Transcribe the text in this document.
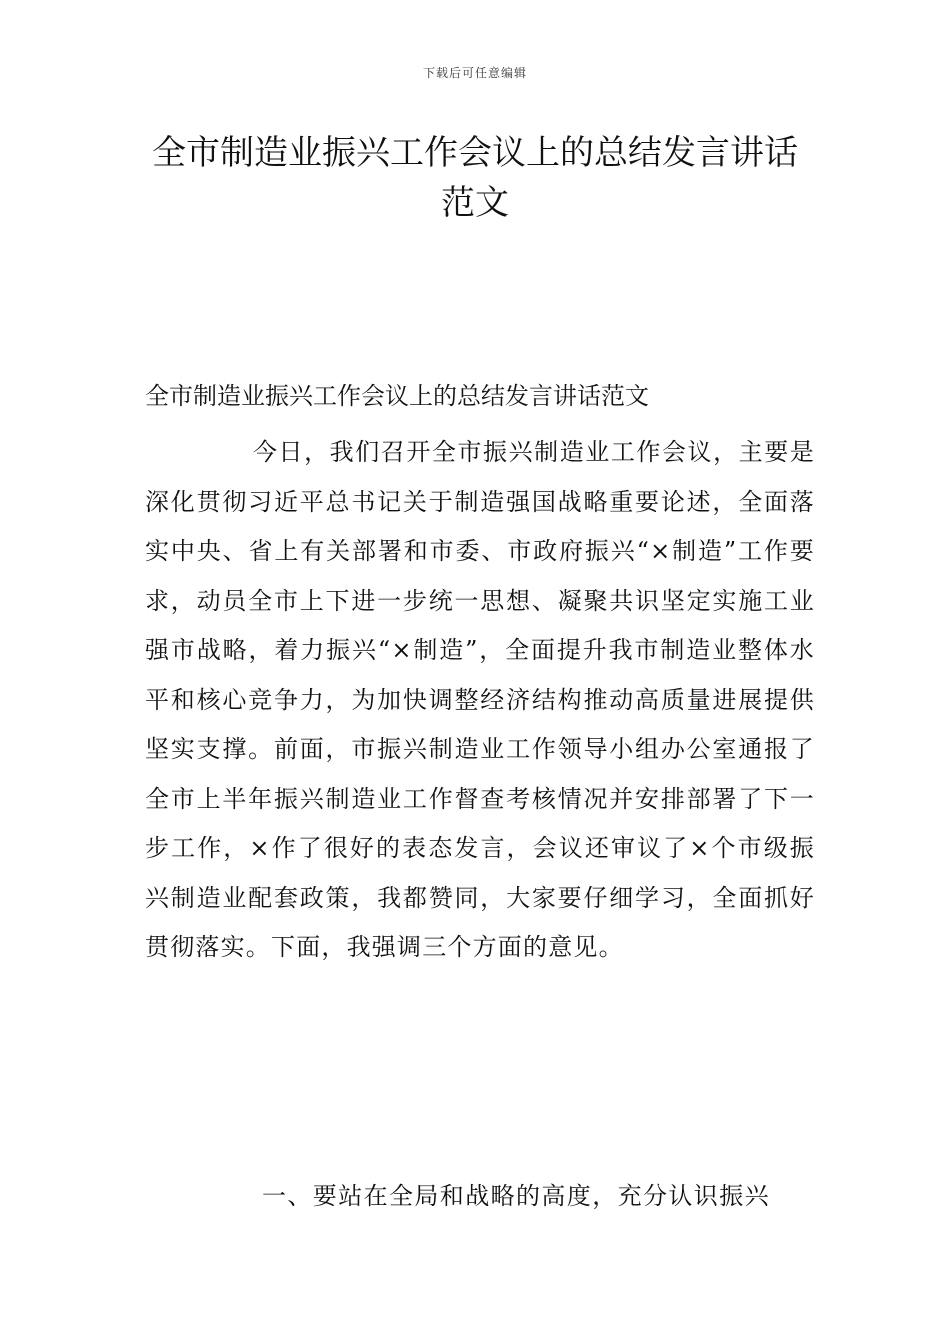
下载后可任意编辑
全市制造业振兴工作会议上的总结发言讲话范文
全市制造业振兴工作会议上的总结发言讲话范文

今日，我们召开全市振兴制造业工作会议，主要是深化贯彻习近平总书记关于制造强国战略重要论述，全面落实中央、省上有关部署和市委、市政府振兴“×制造”工作要求，动员全市上下进一步统一思想、凝聚共识坚定实施工业强市战略，着力振兴“×制造”，全面提升我市制造业整体水平和核心竞争力，为加快调整经济结构推动高质量进展提供坚实支撑。前面，市振兴制造业工作领导小组办公室通报了全市上半年振兴制造业工作督查考核情况并安排部署了下一步工作，×作了很好的表态发言，会议还审议了×个市级振兴制造业配套政策，我都赞同，大家要仔细学习，全面抓好贯彻落实。下面，我强调三个方面的意见。

一、要站在全局和战略的高度，充分认识振兴
